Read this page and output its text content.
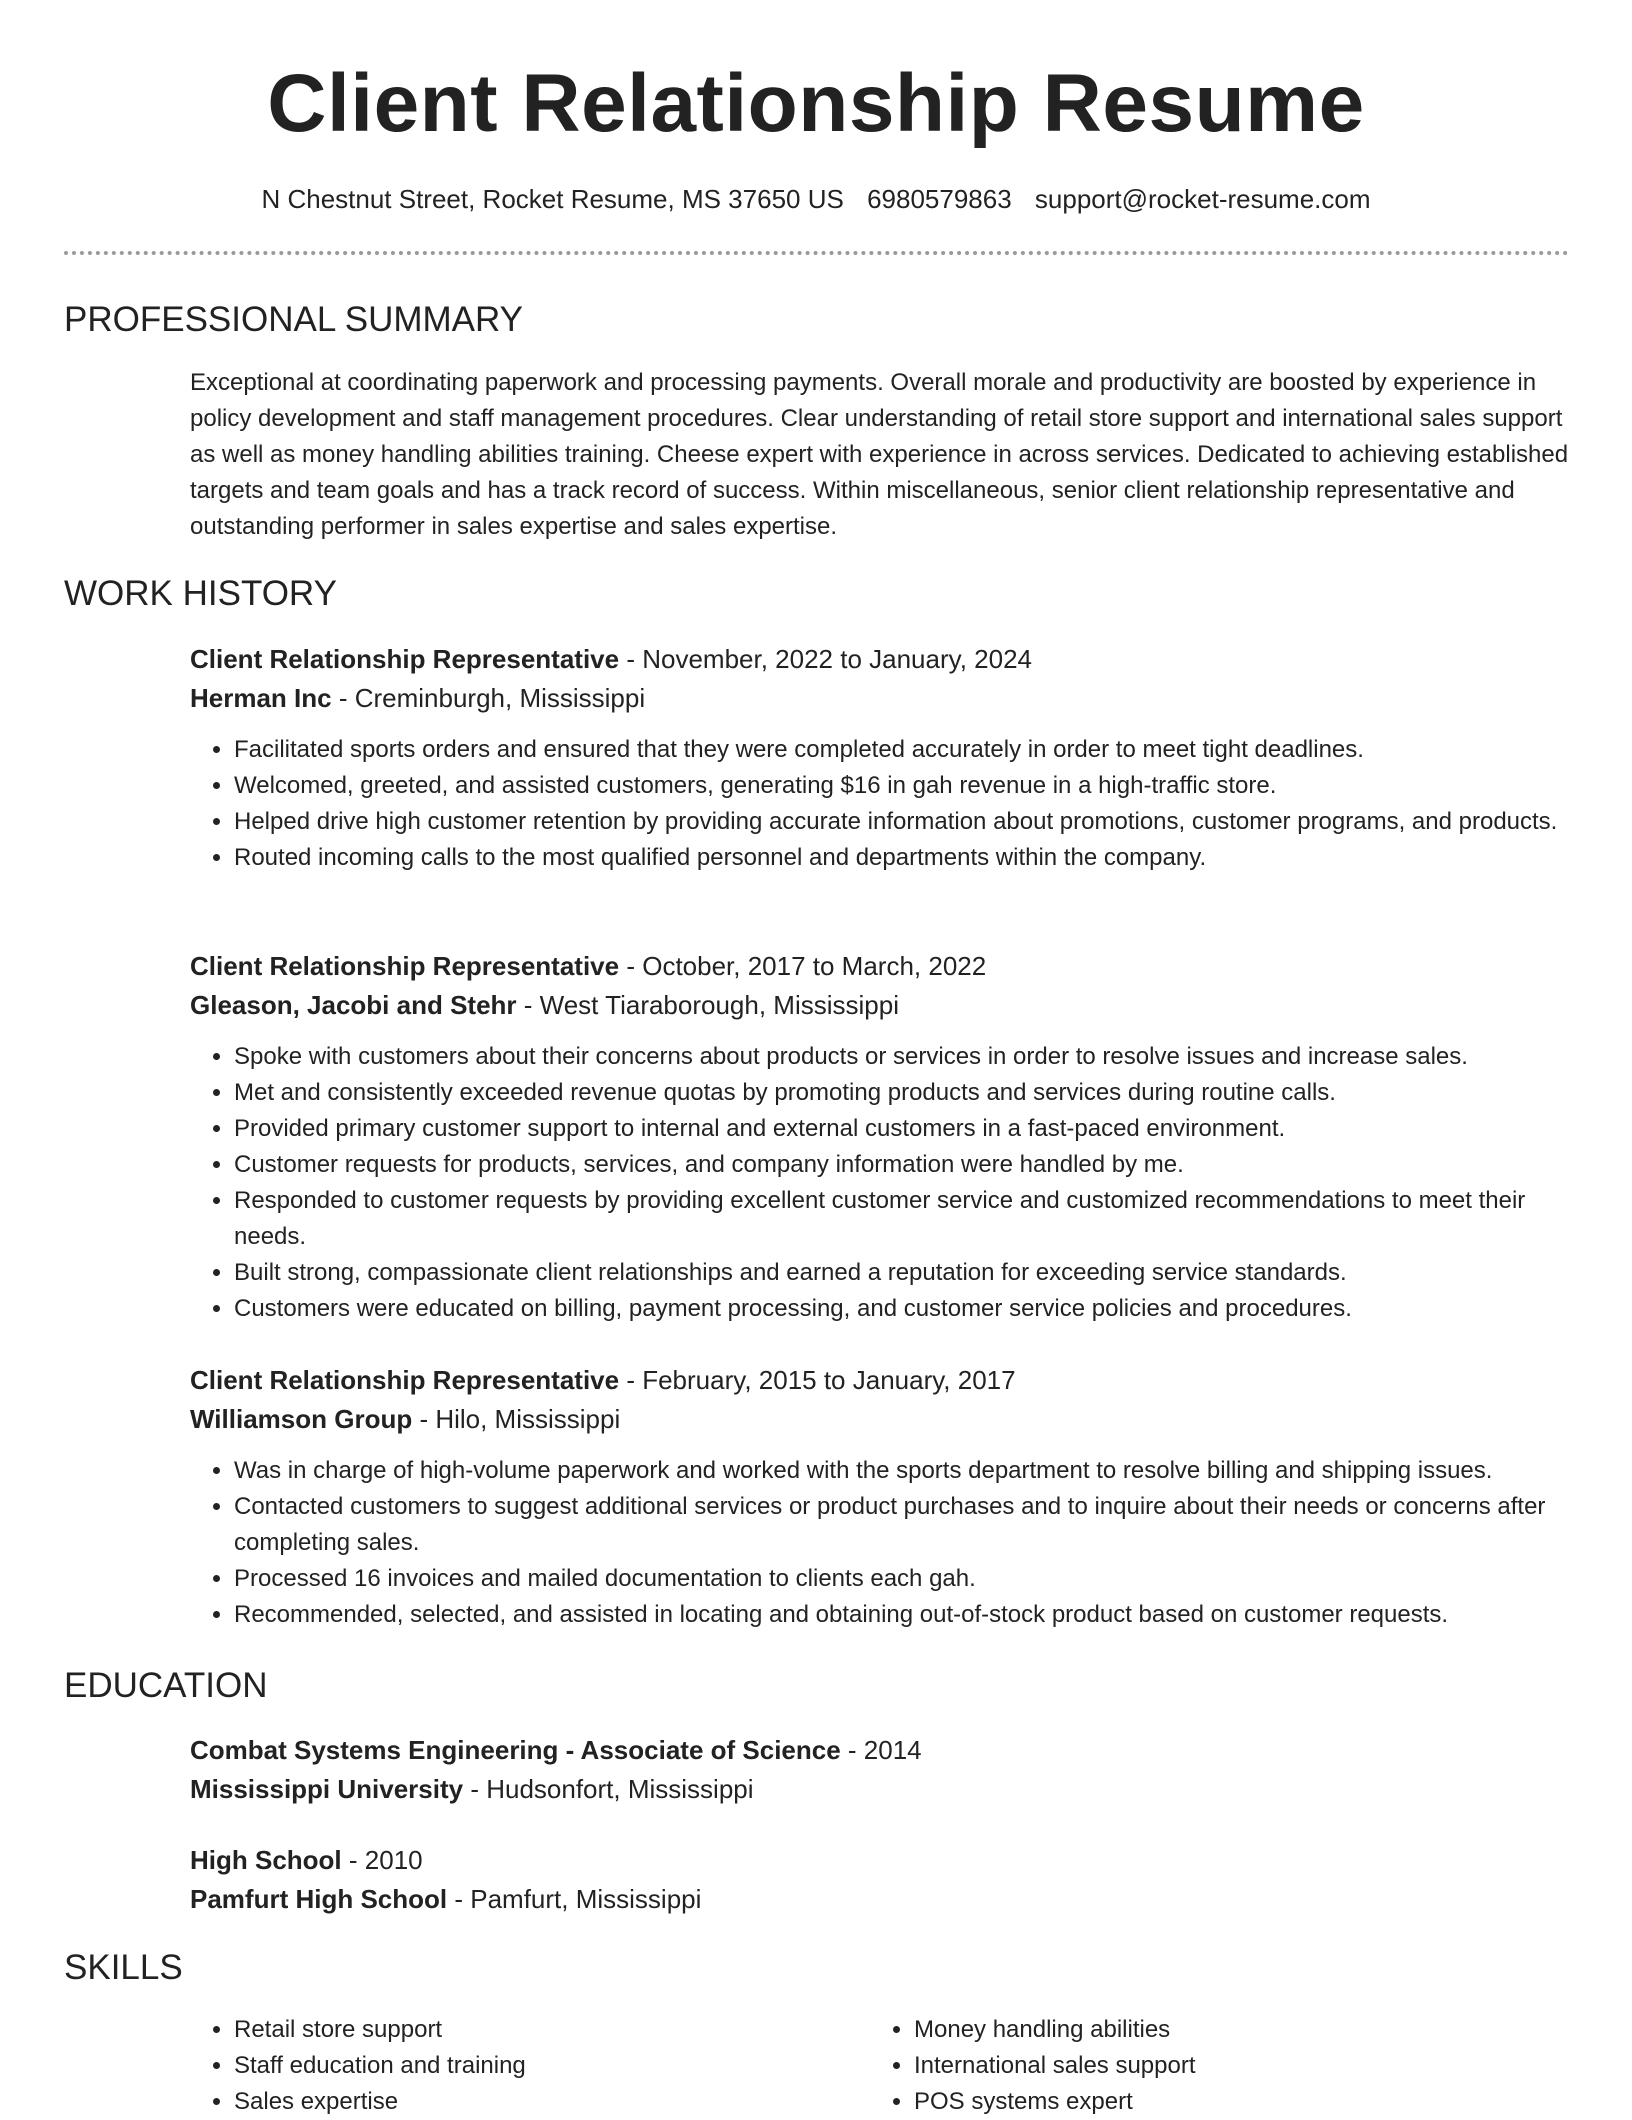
Client Relationship Resume
N Chestnut Street, Rocket Resume, MS 37650 US 6980579863 support@rocket-resume.com
PROFESSIONAL SUMMARY

Exceptional at coordinating paperwork and processing payments. Overall morale and productivity are boosted by experience in policy development and staff management procedures. Clear understanding of retail store support and international sales support as well as money handling abilities training. Cheese expert with experience in across services. Dedicated to achieving established targets and team goals and has a track record of success. Within miscellaneous, senior client relationship representative and outstanding performer in sales expertise and sales expertise.

WORK HISTORY
Client Relationship Representative - November, 2022 to January, 2024
Herman Inc - Creminburgh, Mississippi
• Facilitated sports orders and ensured that they were completed accurately in order to meet tight deadlines.
• Welcomed, greeted, and assisted customers, generating $16 in gah revenue in a high-traffic store.
• Helped drive high customer retention by providing accurate information about promotions, customer programs, and products.
• Routed incoming calls to the most qualified personnel and departments within the company.
Client Relationship Representative - October, 2017 to March, 2022
Gleason, Jacobi and Stehr - West Tiaraborough, Mississippi
• Spoke with customers about their concerns about products or services in order to resolve issues and increase sales.
• Met and consistently exceeded revenue quotas by promoting products and services during routine calls.
• Provided primary customer support to internal and external customers in a fast-paced environment.
• Customer requests for products, services, and company information were handled by me.
• Responded to customer requests by providing excellent customer service and customized recommendations to meet their needs.
• Built strong, compassionate client relationships and earned a reputation for exceeding service standards.
• Customers were educated on billing, payment processing, and customer service policies and procedures.
Client Relationship Representative - February, 2015 to January, 2017
Williamson Group - Hilo, Mississippi
• Was in charge of high-volume paperwork and worked with the sports department to resolve billing and shipping issues.
• Contacted customers to suggest additional services or product purchases and to inquire about their needs or concerns after completing sales.
• Processed 16 invoices and mailed documentation to clients each gah.
• Recommended, selected, and assisted in locating and obtaining out-of-stock product based on customer requests.
EDUCATION
Combat Systems Engineering - Associate of Science - 2014
Mississippi University - Hudsonfort, Mississippi
High School - 2010
Pamfurt High School - Pamfurt, Mississippi
SKILLS
• Retail store support
• Staff education and training
• Sales expertise
• Money handling abilities
• International sales support
• POS systems expert
